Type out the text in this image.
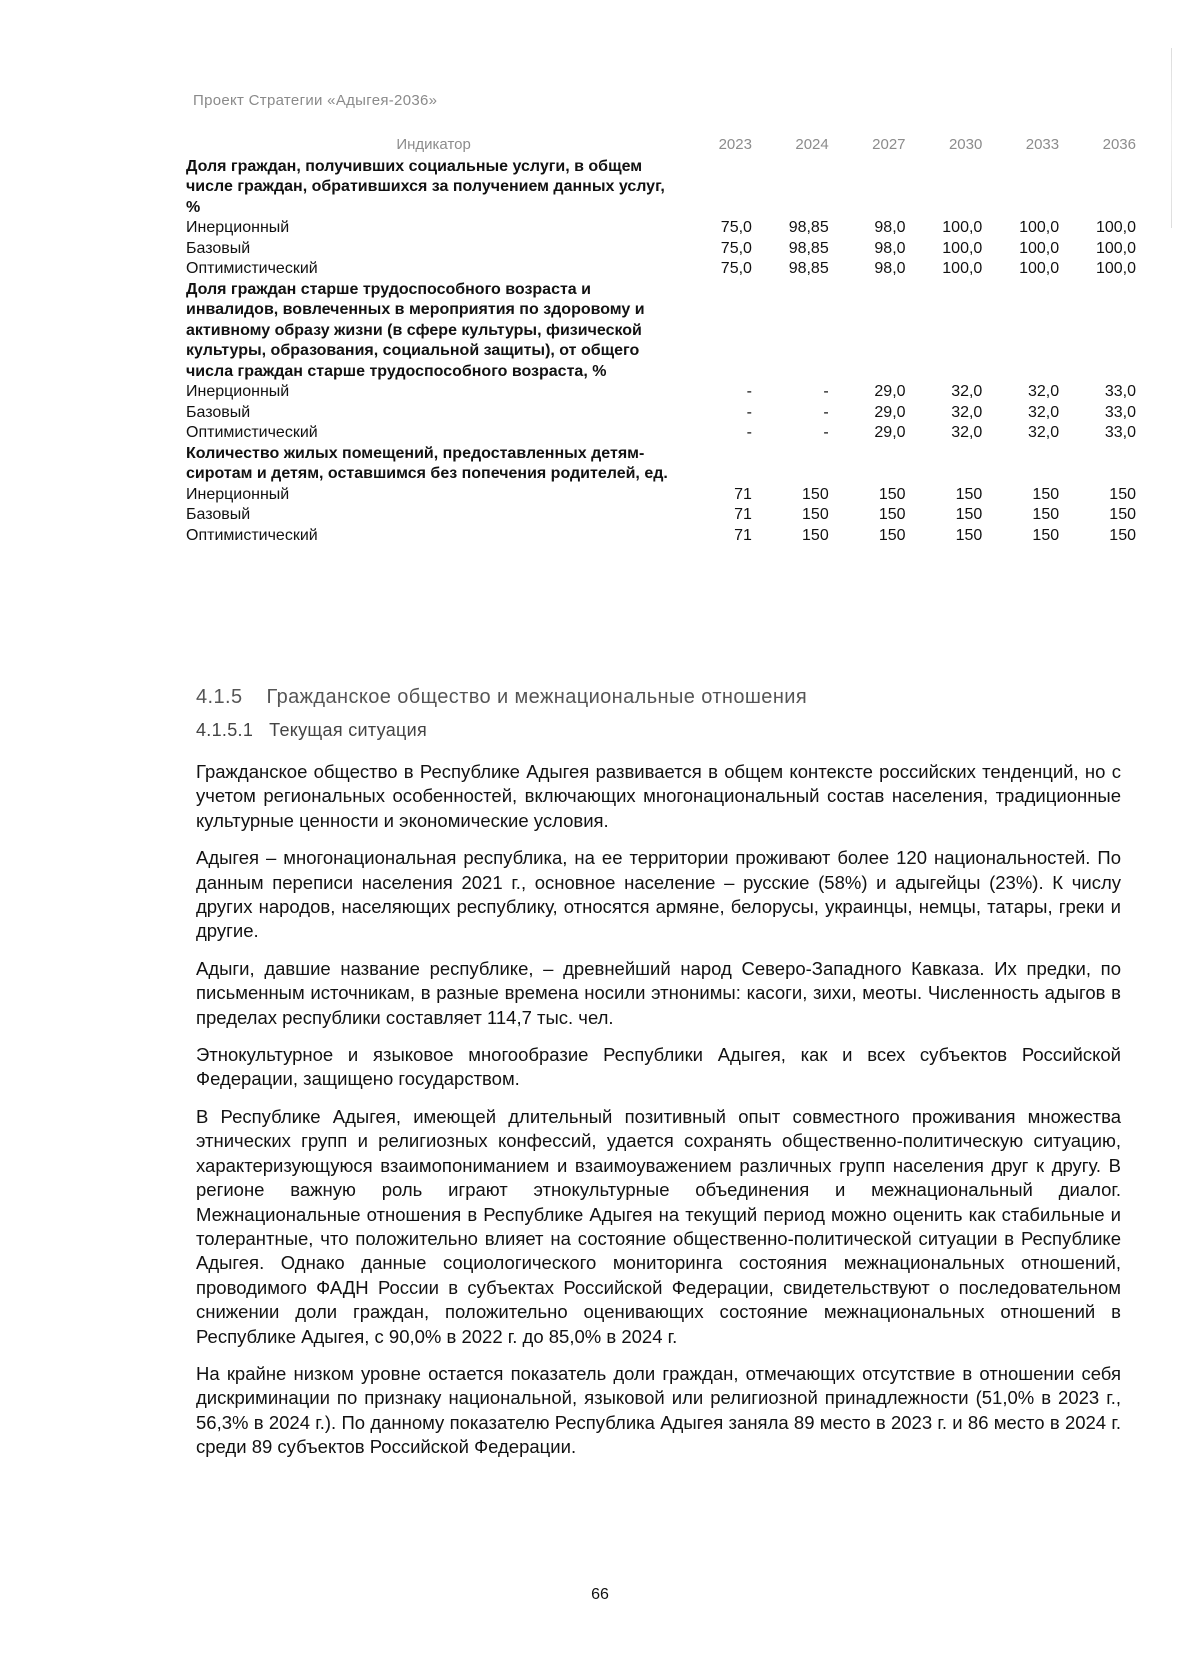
Проект Стратегии «Адыгея-2036»
Индикатор	2023	2024	2027	2030	2033	2036
Доля граждан, получивших социальные услуги, в общем числе граждан, обратившихся за получением данных услуг, %						
Инерционный	75,0	98,85	98,0	100,0	100,0	100,0
Базовый	75,0	98,85	98,0	100,0	100,0	100,0
Оптимистический	75,0	98,85	98,0	100,0	100,0	100,0
Доля граждан старше трудоспособного возраста и инвалидов, вовлеченных в мероприятия по здоровому и активному образу жизни (в сфере культуры, физической культуры, образования, социальной защиты), от общего числа граждан старше трудоспособного возраста, %						
Инерционный	-	-	29,0	32,0	32,0	33,0
Базовый	-	-	29,0	32,0	32,0	33,0
Оптимистический	-	-	29,0	32,0	32,0	33,0
Количество жилых помещений, предоставленных детям-сиротам и детям, оставшимся без попечения родителей, ед.						
Инерционный	71	150	150	150	150	150
Базовый	71	150	150	150	150	150
Оптимистический	71	150	150	150	150	150
4.1.5 Гражданское общество и межнациональные отношения
4.1.5.1 Текущая ситуация

Гражданское общество в Республике Адыгея развивается в общем контексте российских тенденций, но с учетом региональных особенностей, включающих многонациональный состав населения, традиционные культурные ценности и экономические условия.

Адыгея – многонациональная республика, на ее территории проживают более 120 национальностей. По данным переписи населения 2021 г., основное население – русские (58%) и адыгейцы (23%). К числу других народов, населяющих республику, относятся армяне, белорусы, украинцы, немцы, татары, греки и другие.

Адыги, давшие название республике, – древнейший народ Северо-Западного Кавказа. Их предки, по письменным источникам, в разные времена носили этнонимы: касоги, зихи, меоты. Численность адыгов в пределах республики составляет 114,7 тыс. чел.

Этнокультурное и языковое многообразие Республики Адыгея, как и всех субъектов Российской Федерации, защищено государством.

В Республике Адыгея, имеющей длительный позитивный опыт совместного проживания множества этнических групп и религиозных конфессий, удается сохранять общественно-политическую ситуацию, характеризующуюся взаимопониманием и взаимоуважением различных групп населения друг к другу. В регионе важную роль играют этнокультурные объединения и межнациональный диалог. Межнациональные отношения в Республике Адыгея на текущий период можно оценить как стабильные и толерантные, что положительно влияет на состояние общественно-политической ситуации в Республике Адыгея. Однако данные социологического мониторинга состояния межнациональных отношений, проводимого ФАДН России в субъектах Российской Федерации, свидетельствуют о последовательном снижении доли граждан, положительно оценивающих состояние межнациональных отношений в Республике Адыгея, с 90,0% в 2022 г. до 85,0% в 2024 г.

На крайне низком уровне остается показатель доли граждан, отмечающих отсутствие в отношении себя дискриминации по признаку национальной, языковой или религиозной принадлежности (51,0% в 2023 г., 56,3% в 2024 г.). По данному показателю Республика Адыгея заняла 89 место в 2023 г. и 86 место в 2024 г. среди 89 субъектов Российской Федерации.

66
